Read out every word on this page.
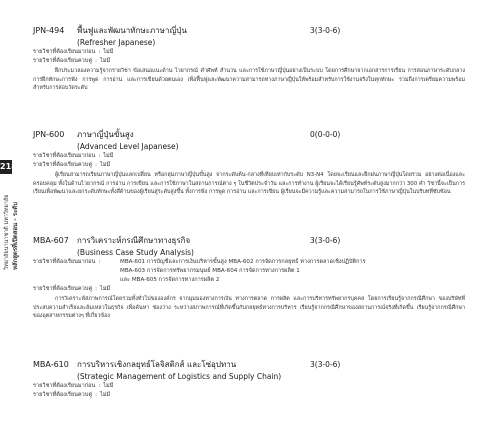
218
หลักสูตรที่เปิดสอน - ระดับ
วิทยาลัยนานาชาติ มหาวิทยาลัย
JPN-494 พื้นฟูและพัฒนาทักษะภาษาญี่ปุ่น	3(3-0-6)
(Refresher Japanese)
รายวิชาที่ต้องเรียนมาก่อน : ไม่มี
รายวิชาที่ต้องเรียนควบคู่ : ไม่มี
ฝึกประมวลองความรู้จากรายวิชา ข้อเสนอแนะด้าน ไวยากรณ์ คำศัพท์ สำนวน และการใช้ภาษาญี่ปุ่นอย่างเป็นระบบ โดยการศึกษาจากเอกสารการเรียน การสอนภาษาระดับกลาง การฝึกทักษะการฟัง การพูด การอ่าน และการเขียนด้วยตนเอง เพื่อฟื้นฟูและพัฒนาความสามารถทางภาษาญี่ปุ่นให้พร้อมสำหรับการใช้งานจริงในทุกทักษะ รวมถึงการเตรียมความพร้อมสำหรับการสอบวัดระดับ
JPN-600 ภาษาญี่ปุ่นขั้นสูง	0(0-0-0)
(Advanced Level Japanese)
รายวิชาที่ต้องเรียนมาก่อน : ไม่มี
รายวิชาที่ต้องเรียนควบคู่ : ไม่มี
ผู้เรียนสามารถเรียนภาษาญี่ปุ่นแลกเปลี่ยน หรือกลุ่มภาษาญี่ปุ่นขั้นสูง จากระดับต้น-กลางที่เทียบเท่ากับระดับ N3-N4 โดยจะเรียนและฝึกฝนภาษาญี่ปุ่นโดยรวม อย่างต่อเนื่องและครอบคลุม ทั้งในด้านไวยากรณ์ การอ่าน การเขียน และการใช้ภาษาในสถานการณ์ต่าง ๆ ในชีวิตประจำวัน และการทำงาน ผู้เรียนจะได้เรียนรู้ศัพท์ระดับสูงมากกว่า 300 คำ วิชานี้จะเป็นการเรียนเพื่อพัฒนาและยกระดับทักษะทั้งสี่ด้านของผู้เรียนสู่ระดับสูงขึ้น ทั้งการฟัง การพูด การอ่าน และการเขียน ผู้เรียนจะมีความรู้และความสามารถในการใช้ภาษาญี่ปุ่นในบริบทที่ซับซ้อน
MBA-607 การวิเคราะห์กรณีศึกษาทางธุรกิจ	3(3-0-6)
(Business Case Study Analysis)
รายวิชาที่ต้องเรียนมาก่อน :	MBA-601 การบัญชีและการเงินบริหารขั้นสูง MBA-602 การจัดการกลยุทธ์ ทางการตลาดเชิงปฏิบัติการ
MBA-603 การจัดการทรัพยากรมนุษย์ MBA-604 การจัดการทางการผลิต 1
และ MBA-605 การจัดการทางการผลิต 2
รายวิชาที่ต้องเรียนควบคู่ : ไม่มี
การวิเคราะห์สภาพการณ์โดยรวมทั้งทั่วไปขององค์กร จากมุมมองทางการเงิน ทางการตลาด การผลิต และการบริหารทรัพยากรบุคคล โดยการเรียนรู้จากกรณีศึกษา ของบริษัทที่ประสบความสำเร็จและล้มเหลวในธุรกิจ เพื่อค้นหา ช่องว่าง ระหว่างสภาพการณ์ที่เกิดขึ้นกับกลยุทธ์ทางการบริหาร เรียนรู้จากกรณีศึกษาของสถานการณ์จริงที่เกิดขึ้น เรียนรู้จากกรณีศึกษาของอุตสาหกรรมต่างๆ ที่เกี่ยวข้อง
MBA-610 การบริหารเชิงกลยุทธ์โลจิสติกส์ และโซ่อุปทาน	3(3-0-6)
(Strategic Management of Logistics and Supply Chain)
รายวิชาที่ต้องเรียนมาก่อน : ไม่มี
รายวิชาที่ต้องเรียนควบคู่ : ไม่มี
